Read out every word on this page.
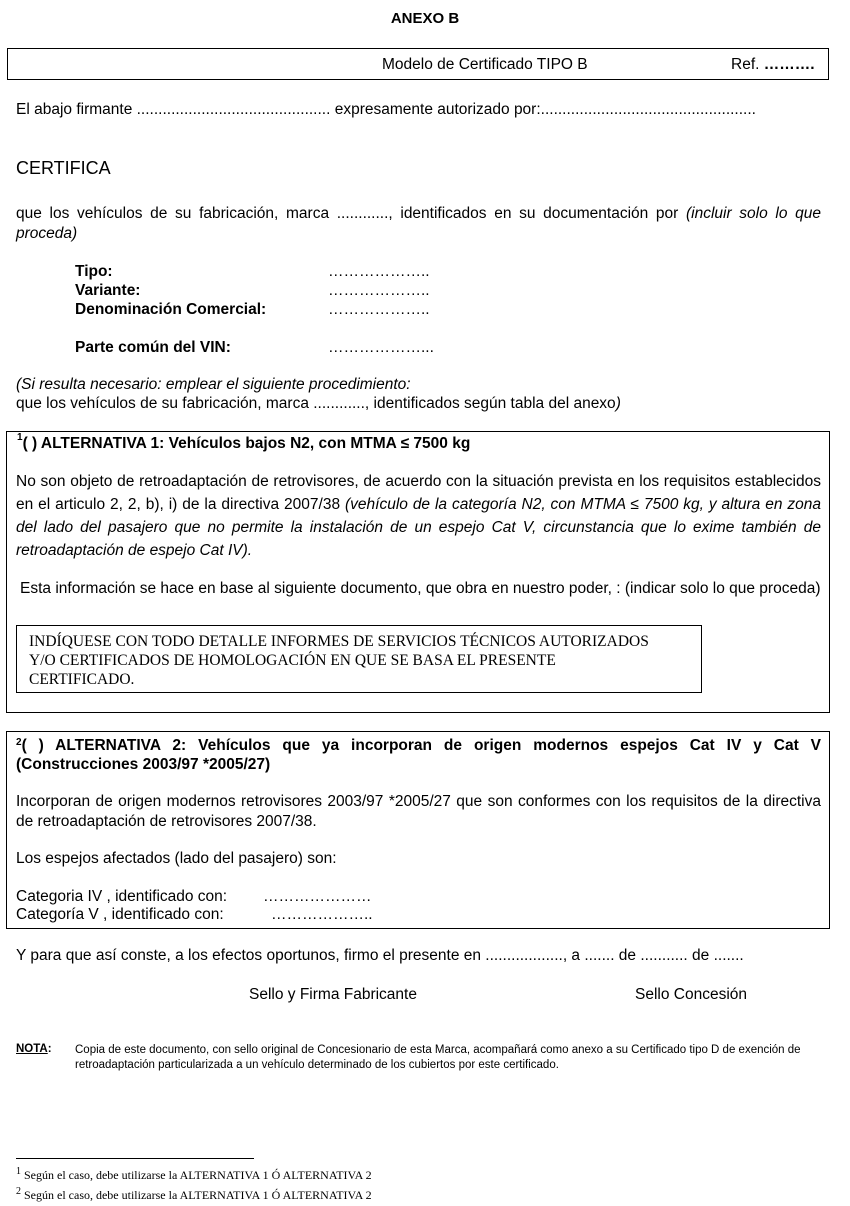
ANEXO B
Modelo de Certificado TIPO B	Ref. ……….
El abajo firmante ............................................. expresamente autorizado por:..................................................
CERTIFICA
que los vehículos de su fabricación, marca ............, identificados en su documentación por (incluir solo lo que proceda)
Tipo:
Variante:
Denominación Comercial:
Parte común del VIN:
………………..
………………..
………………..
………………...
(Si resulta necesario: emplear el siguiente procedimiento:
que los vehículos de su fabricación, marca ............, identificados según tabla del anexo)
$^1$( ) ALTERNATIVA 1: Vehículos bajos N2, con MTMA ≤ 7500 kg
No son objeto de retroadaptación de retrovisores, de acuerdo con la situación prevista en los requisitos establecidos en el articulo 2, 2, b), i) de la directiva 2007/38 (vehículo de la categoría N2, con MTMA ≤ 7500 kg, y altura en zona del lado del pasajero que no permite la instalación de un espejo Cat V, circunstancia que lo exime también de retroadaptación de espejo Cat IV).
Esta información se hace en base al siguiente documento, que obra en nuestro poder, : (indicar solo lo que proceda)
INDÍQUESE CON TODO DETALLE INFORMES DE SERVICIOS TÉCNICOS AUTORIZADOS Y/O CERTIFICADOS DE HOMOLOGACIÓN EN QUE SE BASA EL PRESENTE CERTIFICADO.
$^2$( ) ALTERNATIVA 2: Vehículos que ya incorporan de origen modernos espejos Cat IV y Cat V (Construcciones 2003/97 *2005/27)
Incorporan de origen modernos retrovisores 2003/97 *2005/27 que son conformes con los requisitos de la directiva de retroadaptación de retrovisores 2007/38.
Los espejos afectados (lado del pasajero) son:
Categoria IV , identificado con:
Categoría V , identificado con:
…………………
………………..
Y para que así conste, a los efectos oportunos, firmo el presente en .................., a ....... de ........... de .......
Sello y Firma Fabricante	Sello Concesión
NOTA: Copia de este documento, con sello original de Concesionario de esta Marca, acompañará como anexo a su Certificado tipo D de exención de retroadaptación particularizada a un vehículo determinado de los cubiertos por este certificado.
$^1$ Según el caso, debe utilizarse la ALTERNATIVA 1 Ó ALTERNATIVA 2
$^2$ Según el caso, debe utilizarse la ALTERNATIVA 1 Ó ALTERNATIVA 2
